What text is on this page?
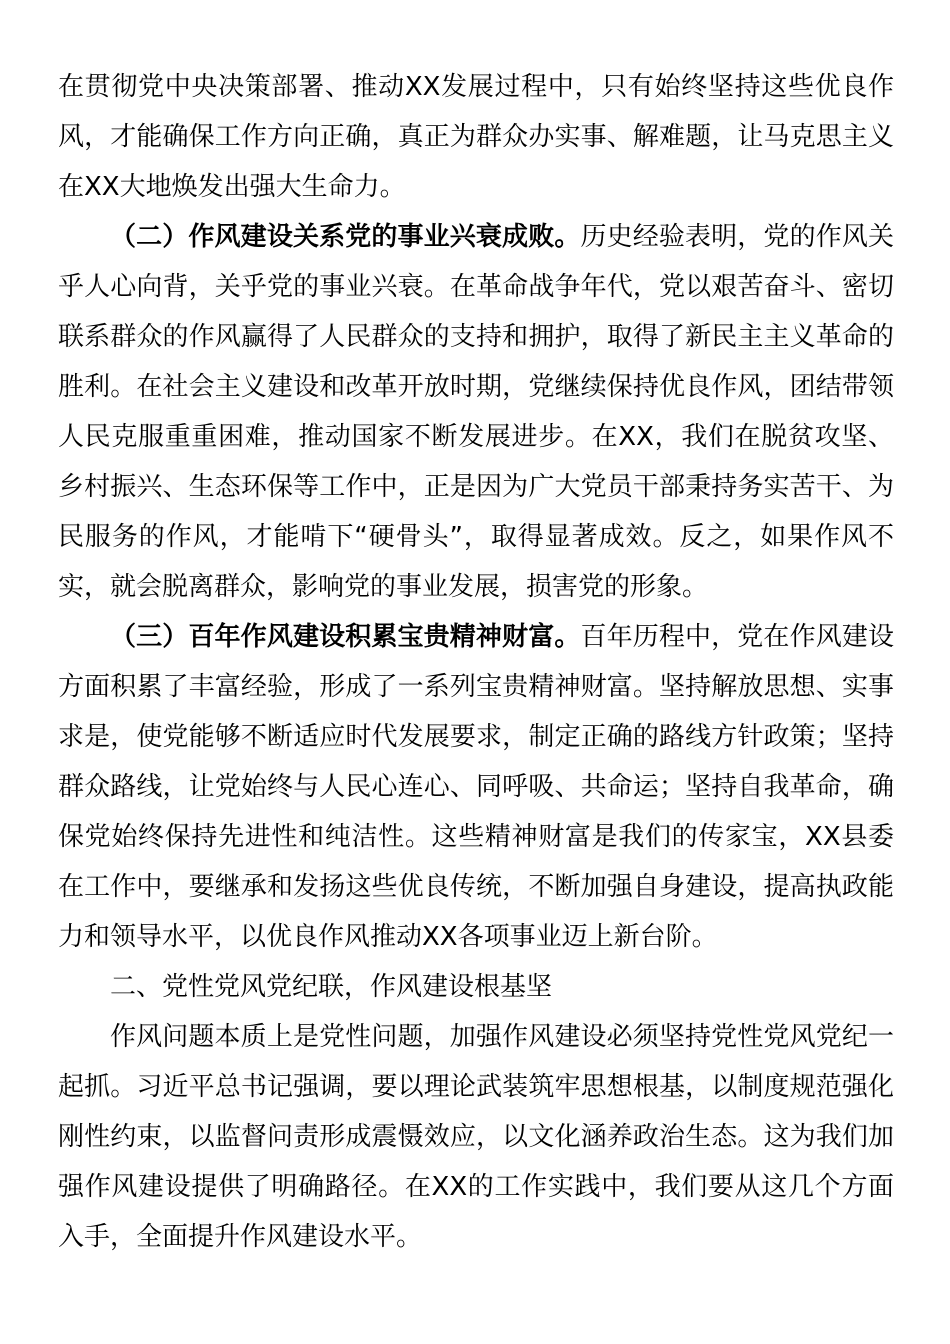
在贯彻党中央决策部署、推动XX发展过程中，只有始终坚持这些优良作风，才能确保工作方向正确，真正为群众办实事、解难题，让马克思主义在XX大地焕发出强大生命力。

（二）作风建设关系党的事业兴衰成败。历史经验表明，党的作风关乎人心向背，关乎党的事业兴衰。在革命战争年代，党以艰苦奋斗、密切联系群众的作风赢得了人民群众的支持和拥护，取得了新民主主义革命的胜利。在社会主义建设和改革开放时期，党继续保持优良作风，团结带领人民克服重重困难，推动国家不断发展进步。在XX，我们在脱贫攻坚、乡村振兴、生态环保等工作中，正是因为广大党员干部秉持务实苦干、为民服务的作风，才能啃下“硬骨头”，取得显著成效。反之，如果作风不实，就会脱离群众，影响党的事业发展，损害党的形象。

（三）百年作风建设积累宝贵精神财富。百年历程中，党在作风建设方面积累了丰富经验，形成了一系列宝贵精神财富。坚持解放思想、实事求是，使党能够不断适应时代发展要求，制定正确的路线方针政策；坚持群众路线，让党始终与人民心连心、同呼吸、共命运；坚持自我革命，确保党始终保持先进性和纯洁性。这些精神财富是我们的传家宝，XX县委在工作中，要继承和发扬这些优良传统，不断加强自身建设，提高执政能力和领导水平，以优良作风推动XX各项事业迈上新台阶。

二、党性党风党纪联，作风建设根基坚

作风问题本质上是党性问题，加强作风建设必须坚持党性党风党纪一起抓。习近平总书记强调，要以理论武装筑牢思想根基，以制度规范强化刚性约束，以监督问责形成震慑效应，以文化涵养政治生态。这为我们加强作风建设提供了明确路径。在XX的工作实践中，我们要从这几个方面入手，全面提升作风建设水平。
